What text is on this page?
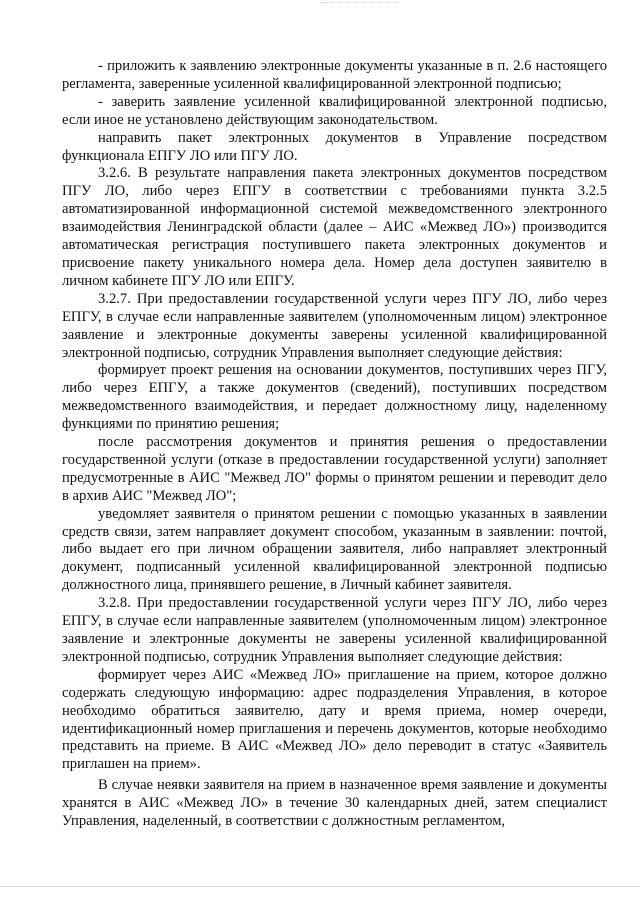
- приложить к заявлению электронные документы указанные в п. 2.6 настоящего регламента, заверенные усиленной квалифицированной электронной подписью;

- заверить заявление усиленной квалифицированной электронной подписью, если иное не установлено действующим законодательством.

направить пакет электронных документов в Управление посредством функционала ЕПГУ ЛО или ПГУ ЛО.

3.2.6. В результате направления пакета электронных документов посредством ПГУ ЛО, либо через ЕПГУ в соответствии с требованиями пункта 3.2.5 автоматизированной информационной системой межведомственного электронного взаимодействия Ленинградской области (далее – АИС «Межвед ЛО») производится автоматическая регистрация поступившего пакета электронных документов и присвоение пакету уникального номера дела. Номер дела доступен заявителю в личном кабинете ПГУ ЛО или ЕПГУ.

3.2.7. При предоставлении государственной услуги через ПГУ ЛО, либо через ЕПГУ, в случае если направленные заявителем (уполномоченным лицом) электронное заявление и электронные документы заверены усиленной квалифицированной электронной подписью, сотрудник Управления выполняет следующие действия:

формирует проект решения на основании документов, поступивших через ПГУ, либо через ЕПГУ, а также документов (сведений), поступивших посредством межведомственного взаимодействия, и передает должностному лицу, наделенному функциями по принятию решения;

после рассмотрения документов и принятия решения о предоставлении государственной услуги (отказе в предоставлении государственной услуги) заполняет предусмотренные в АИС "Межвед ЛО" формы о принятом решении и переводит дело в архив АИС "Межвед ЛО";

уведомляет заявителя о принятом решении с помощью указанных в заявлении средств связи, затем направляет документ способом, указанным в заявлении: почтой, либо выдает его при личном обращении заявителя, либо направляет электронный документ, подписанный усиленной квалифицированной электронной подписью должностного лица, принявшего решение, в Личный кабинет заявителя.

3.2.8. При предоставлении государственной услуги через ПГУ ЛО, либо через ЕПГУ, в случае если направленные заявителем (уполномоченным лицом) электронное заявление и электронные документы не заверены усиленной квалифицированной электронной подписью, сотрудник Управления выполняет следующие действия:

формирует через АИС «Межвед ЛО» приглашение на прием, которое должно содержать следующую информацию: адрес подразделения Управления, в которое необходимо обратиться заявителю, дату и время приема, номер очереди, идентификационный номер приглашения и перечень документов, которые необходимо представить на приеме. В АИС «Межвед ЛО» дело переводит в статус «Заявитель приглашен на прием».

В случае неявки заявителя на прием в назначенное время заявление и документы хранятся в АИС «Межвед ЛО» в течение 30 календарных дней, затем специалист Управления, наделенный, в соответствии с должностным регламентом,
